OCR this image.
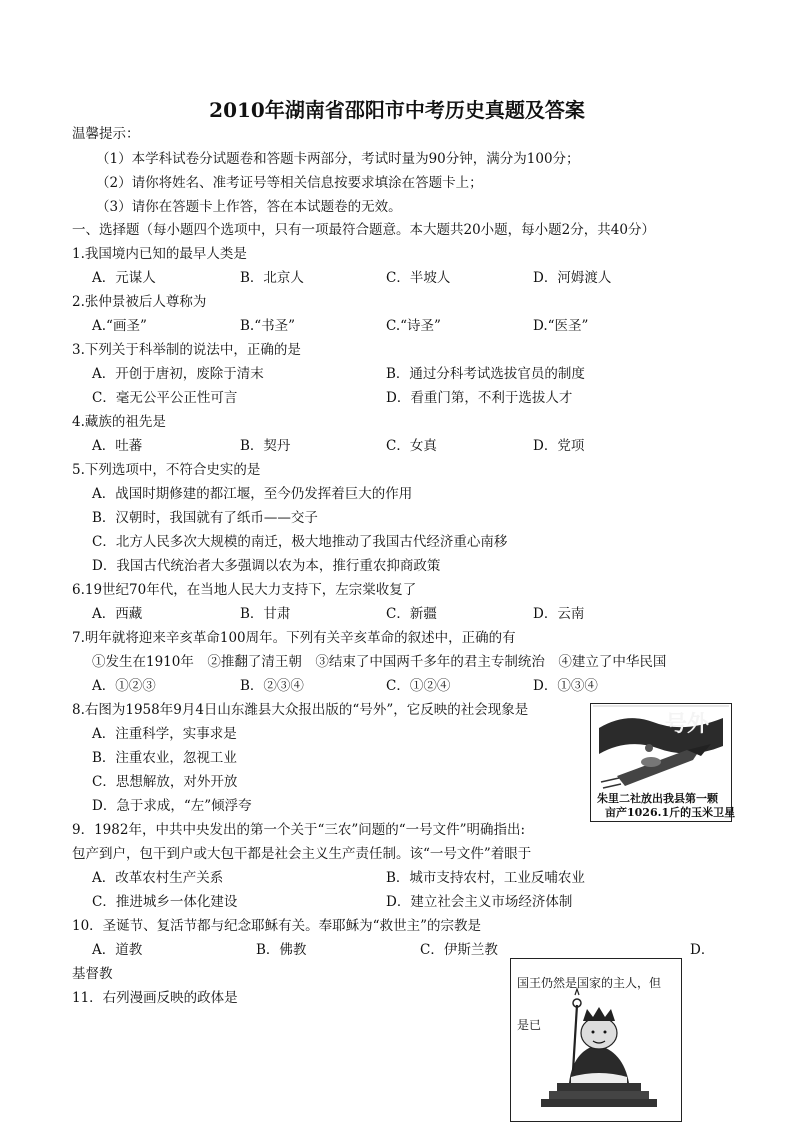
2010年湖南省邵阳市中考历史真题及答案
温馨提示：
（1）本学科试卷分试题卷和答题卡两部分，考试时量为90分钟，满分为100分；
（2）请你将姓名、准考证号等相关信息按要求填涂在答题卡上；
（3）请你在答题卡上作答，答在本试题卷的无效。
一、选择题（每小题四个选项中，只有一项最符合题意。本大题共20小题，每小题2分，共40分）
1.我国境内已知的最早人类是
A．元谋人	B．北京人	C．半坡人	D．河姆渡人
2.张仲景被后人尊称为
A.“画圣”	B.“书圣”	C.“诗圣”	D.“医圣”
3.下列关于科举制的说法中，正确的是
A．开创于唐初，废除于清末	B．通过分科考试选拔官员的制度
C．毫无公平公正性可言	D．看重门第，不利于选拔人才
4.藏族的祖先是
A．吐蕃	B．契丹	C．女真	D．党项
5.下列选项中，不符合史实的是
A．战国时期修建的都江堰，至今仍发挥着巨大的作用
B．汉朝时，我国就有了纸币——交子
C．北方人民多次大规模的南迁，极大地推动了我国古代经济重心南移
D．我国古代统治者大多强调以农为本，推行重农抑商政策
6.19世纪70年代，在当地人民大力支持下，左宗棠收复了
A．西藏	B．甘肃	C．新疆	D．云南
7.明年就将迎来辛亥革命100周年。下列有关辛亥革命的叙述中，正确的有
①发生在1910年　②推翻了清王朝　③结束了中国两千多年的君主专制统治　④建立了中华民国
A．①②③	B．②③④	C．①②④	D．①③④
8.右图为1958年9月4日山东潍县大众报出版的“号外”，它反映的社会现象是
A．注重科学，实事求是
B．注重农业，忽视工业
C．思想解放，对外开放
D．急于求成，“左”倾浮夸
号外
朱里二社放出我县第一颗
亩产1026.1斤的玉米卫星
9．1982年，中共中央发出的第一个关于“三农”问题的“一号文件”明确指出:
包产到户，包干到户或大包干都是社会主义生产责任制。该“一号文件”着眼于
A．改革农村生产关系	B．城市支持农村，工业反哺农业
C．推进城乡一体化建设	D．建立社会主义市场经济体制
10．圣诞节、复活节都与纪念耶稣有关。奉耶稣为“救世主”的宗教是
A．道教	B．佛教	C．伊斯兰教	D．
基督教
11．右列漫画反映的政体是
国王仍然是国家的主人，但
是已
